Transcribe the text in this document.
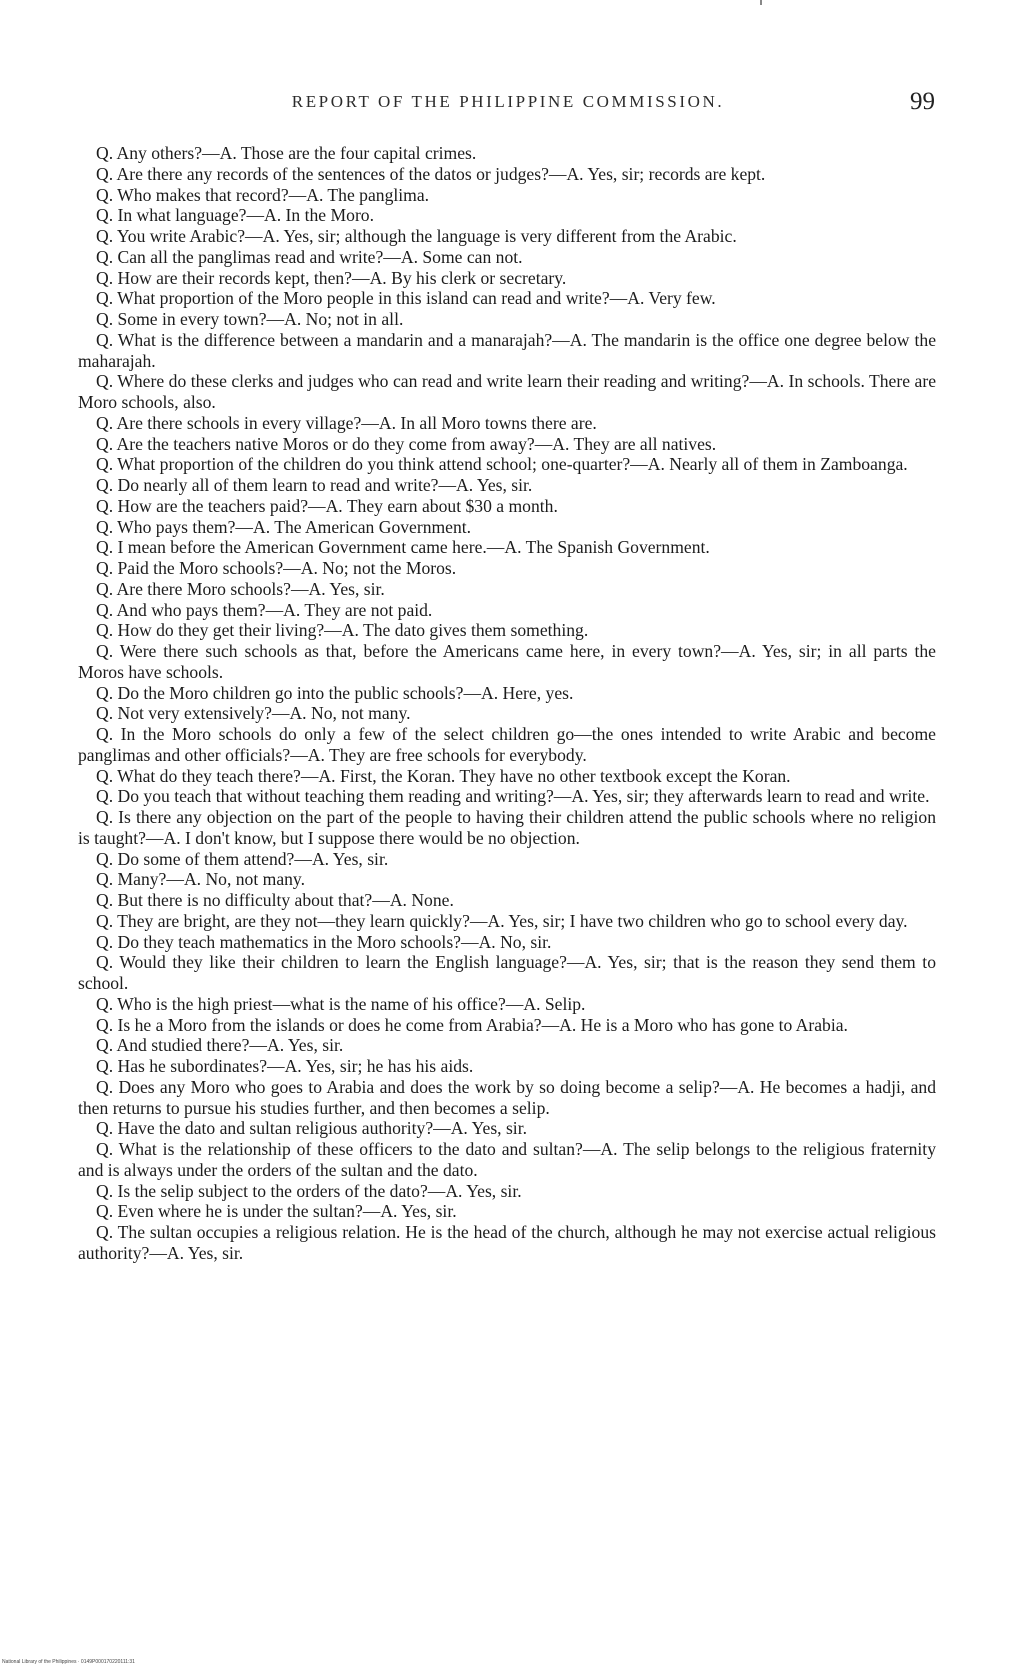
REPORT OF THE PHILIPPINE COMMISSION.	99

Q. Any others?—A. Those are the four capital crimes.

Q. Are there any records of the sentences of the datos or judges?—A. Yes, sir; records are kept.

Q. Who makes that record?—A. The panglima.

Q. In what language?—A. In the Moro.

Q. You write Arabic?—A. Yes, sir; although the language is very different from the Arabic.

Q. Can all the panglimas read and write?—A. Some can not.

Q. How are their records kept, then?—A. By his clerk or secretary.

Q. What proportion of the Moro people in this island can read and write?—A. Very few.

Q. Some in every town?—A. No; not in all.

Q. What is the difference between a mandarin and a manarajah?—A. The mandarin is the office one degree below the maharajah.

Q. Where do these clerks and judges who can read and write learn their reading and writing?—A. In schools. There are Moro schools, also.

Q. Are there schools in every village?—A. In all Moro towns there are.

Q. Are the teachers native Moros or do they come from away?—A. They are all natives.

Q. What proportion of the children do you think attend school; one-quarter?—A. Nearly all of them in Zamboanga.

Q. Do nearly all of them learn to read and write?—A. Yes, sir.

Q. How are the teachers paid?—A. They earn about $30 a month.

Q. Who pays them?—A. The American Government.

Q. I mean before the American Government came here.—A. The Spanish Government.

Q. Paid the Moro schools?—A. No; not the Moros.

Q. Are there Moro schools?—A. Yes, sir.

Q. And who pays them?—A. They are not paid.

Q. How do they get their living?—A. The dato gives them something.

Q. Were there such schools as that, before the Americans came here, in every town?—A. Yes, sir; in all parts the Moros have schools.

Q. Do the Moro children go into the public schools?—A. Here, yes.

Q. Not very extensively?—A. No, not many.

Q. In the Moro schools do only a few of the select children go—the ones intended to write Arabic and become panglimas and other officials?—A. They are free schools for everybody.

Q. What do they teach there?—A. First, the Koran. They have no other textbook except the Koran.

Q. Do you teach that without teaching them reading and writing?—A. Yes, sir; they afterwards learn to read and write.

Q. Is there any objection on the part of the people to having their children attend the public schools where no religion is taught?—A. I don't know, but I suppose there would be no objection.

Q. Do some of them attend?—A. Yes, sir.

Q. Many?—A. No, not many.

Q. But there is no difficulty about that?—A. None.

Q. They are bright, are they not—they learn quickly?—A. Yes, sir; I have two children who go to school every day.

Q. Do they teach mathematics in the Moro schools?—A. No, sir.

Q. Would they like their children to learn the English language?—A. Yes, sir; that is the reason they send them to school.

Q. Who is the high priest—what is the name of his office?—A. Selip.

Q. Is he a Moro from the islands or does he come from Arabia?—A. He is a Moro who has gone to Arabia.

Q. And studied there?—A. Yes, sir.

Q. Has he subordinates?—A. Yes, sir; he has his aids.

Q. Does any Moro who goes to Arabia and does the work by so doing become a selip?—A. He becomes a hadji, and then returns to pursue his studies further, and then becomes a selip.

Q. Have the dato and sultan religious authority?—A. Yes, sir.

Q. What is the relationship of these officers to the dato and sultan?—A. The selip belongs to the religious fraternity and is always under the orders of the sultan and the dato.

Q. Is the selip subject to the orders of the dato?—A. Yes, sir.

Q. Even where he is under the sultan?—A. Yes, sir.

Q. The sultan occupies a religious relation. He is the head of the church, although he may not exercise actual religious authority?—A. Yes, sir.

National Library of the Philippines · 0149P000170220111:31
